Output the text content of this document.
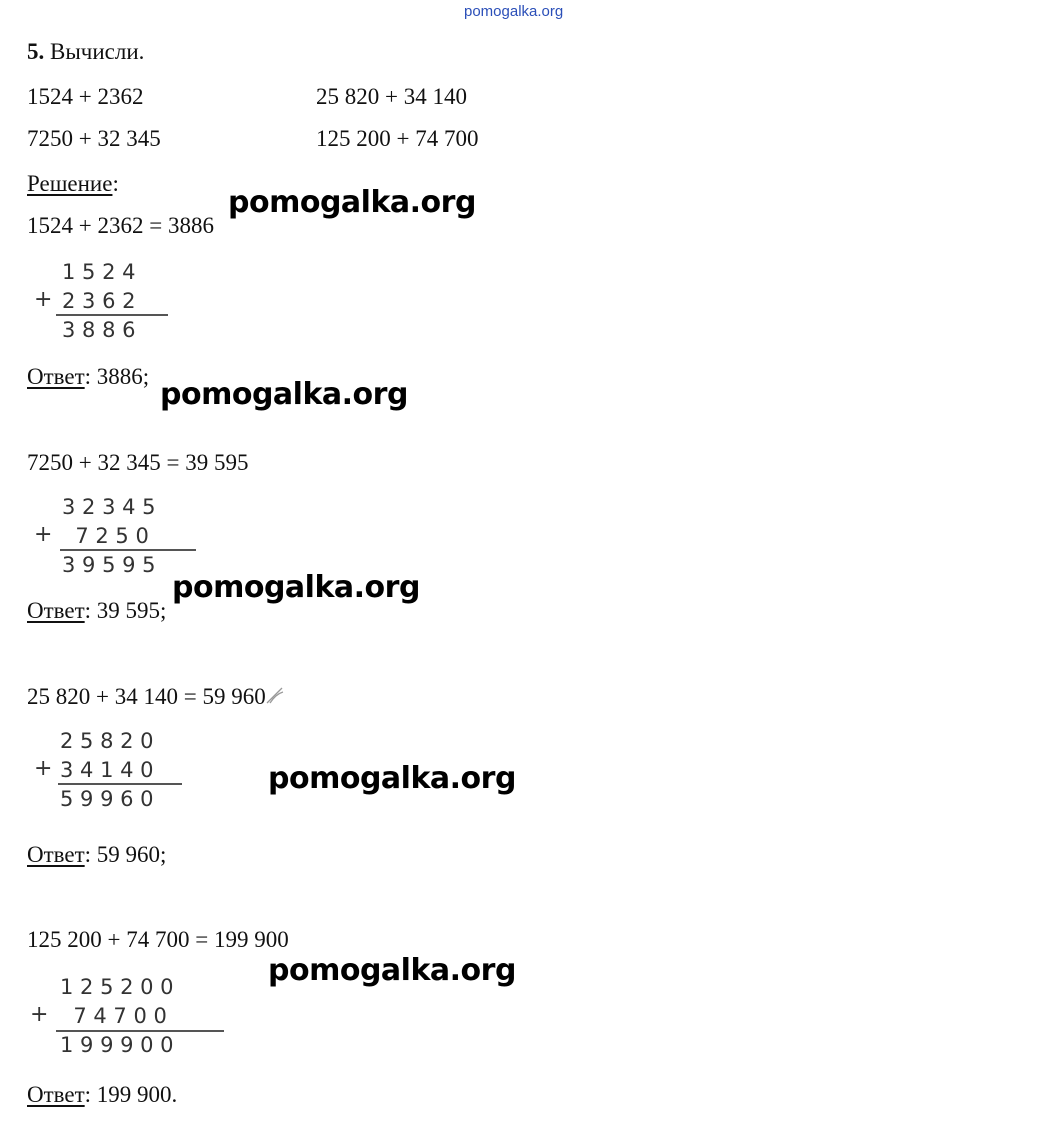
pomogalka.org
5. Вычисли.
1524 + 2362	25 820 + 34 140
7250 + 32 345	125 200 + 74 700
Решение:
1524 + 2362 = 3886
1 5 2 4
+ 2 3 6 2
3 8 8 6
Ответ: 3886;
7250 + 32 345 = 39 595
3 2 3 4 5
+ 7 2 5 0
3 9 5 9 5
Ответ: 39 595;
25 820 + 34 140 = 59 960
2 5 8 2 0
+ 3 4 1 4 0
5 9 9 6 0
Ответ: 59 960;
125 200 + 74 700 = 199 900
1 2 5 2 0 0
+ 7 4 7 0 0
1 9 9 9 0 0
Ответ: 199 900.
pomogalka.org
pomogalka.org
pomogalka.org
pomogalka.org
pomogalka.org
